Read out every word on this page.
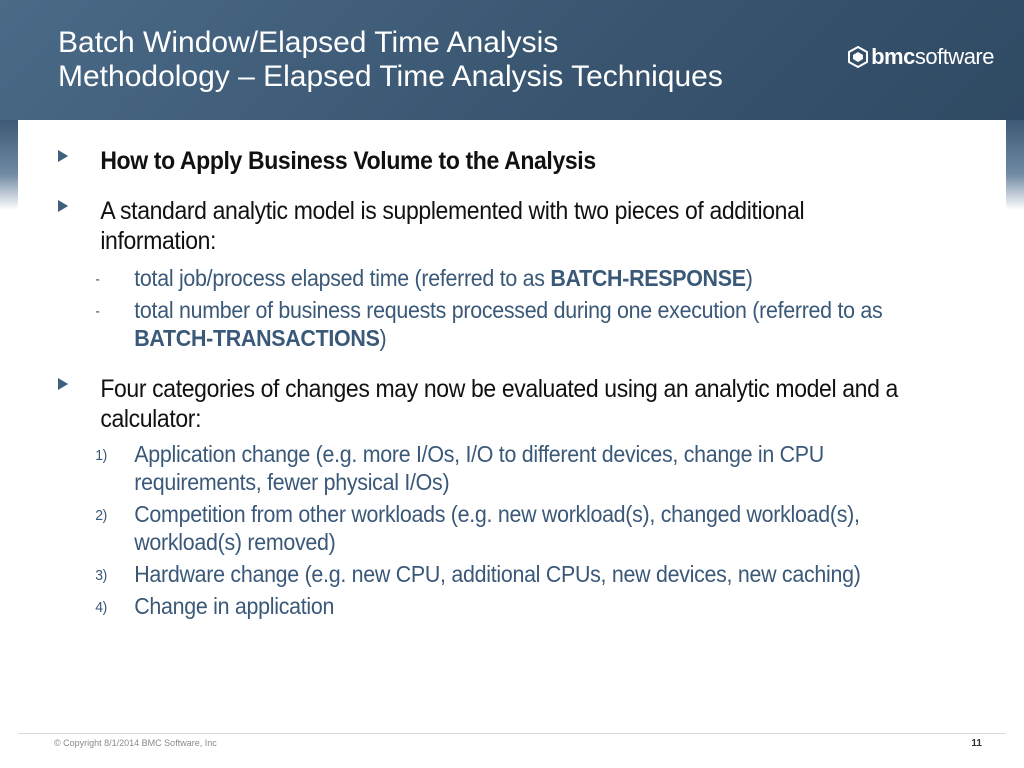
Batch Window/Elapsed Time Analysis
Methodology – Elapsed Time Analysis Techniques
bmc software
How to Apply Business Volume to the Analysis
A standard analytic model is supplemented with two pieces of additional information:
- total job/process elapsed time (referred to as BATCH-RESPONSE)
- total number of business requests processed during one execution (referred to as BATCH-TRANSACTIONS)
Four categories of changes may now be evaluated using an analytic model and a calculator:
1) Application change (e.g. more I/Os, I/O to different devices, change in CPU requirements, fewer physical I/Os)
2) Competition from other workloads (e.g. new workload(s), changed workload(s), workload(s) removed)
3) Hardware change (e.g. new CPU, additional CPUs, new devices, new caching)
4) Change in application
© Copyright 8/1/2014 BMC Software, Inc	11
